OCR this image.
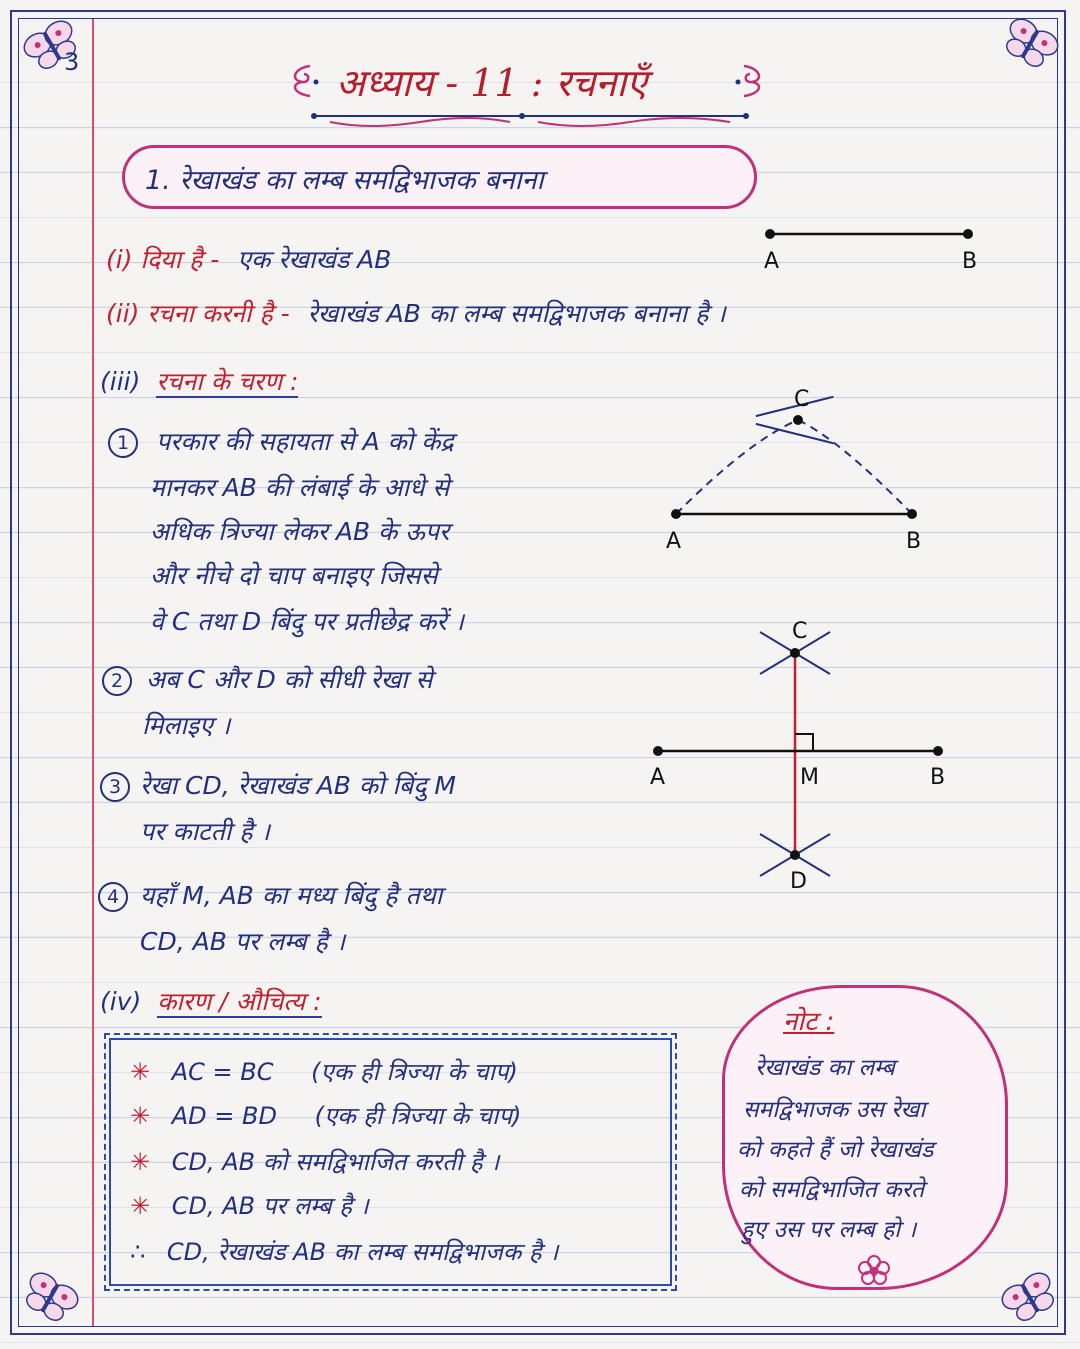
3	अध्याय - 11 : रचनाएँ
1. रेखाखंड का लम्ब समद्विभाजक बनाना
(i) दिया है - एक रेखाखंड AB	A	B
(ii) रचना करनी है - रेखाखंड AB का लम्ब समद्विभाजक बनाना है ।
(iii) रचना के चरण :
1	परकार की सहायता से A को केंद्र
मानकर AB की लंबाई के आधे से
अधिक त्रिज्या लेकर AB के ऊपर
और नीचे दो चाप बनाइए जिससे
वे C तथा D बिंदु पर प्रतीछेद्र करें ।
C
A	B
2 अब C और D को सीधी रेखा से
मिलाइए ।
3 रेखा CD, रेखाखंड AB को बिंदु M
पर काटती है ।
C
D
A	M	B
4 यहाँ M, AB का मध्य बिंदु है तथा
CD, AB पर लम्ब है ।
(iv) कारण / औचित्य :
✳ AC = BC (एक ही त्रिज्या के चाप)
✳ AD = BD (एक ही त्रिज्या के चाप)
✳ CD, AB को समद्विभाजित करती है ।
✳ CD, AB पर लम्ब है ।
∴ CD, रेखाखंड AB का लम्ब समद्विभाजक है ।
नोट :
रेखाखंड का लम्ब
समद्विभाजक उस रेखा
को कहते हैं जो रेखाखंड
को समद्विभाजित करते
हुए उस पर लम्ब हो ।
